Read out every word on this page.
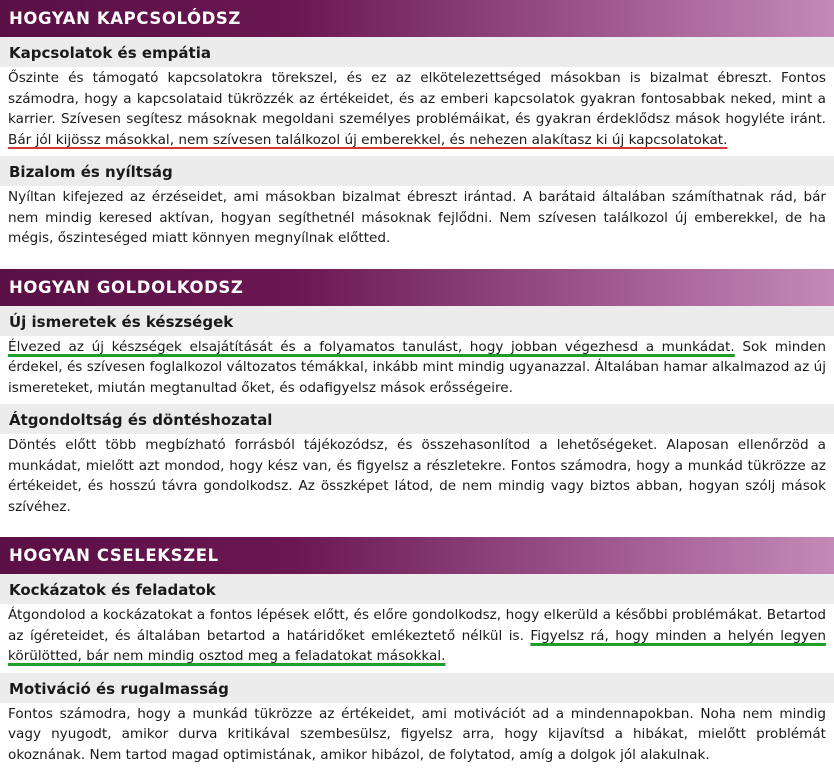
HOGYAN KAPCSOLÓDSZ
Kapcsolatok és empátia
Őszinte és támogató kapcsolatokra törekszel, és ez az elkötelezettséged másokban is bizalmat ébreszt. Fontos számodra, hogy a kapcsolataid tükrözzék az értékeidet, és az emberi kapcsolatok gyakran fontosabbak neked, mint a karrier. Szívesen segítesz másoknak megoldani személyes problémáikat, és gyakran érdeklődsz mások hogyléte iránt. Bár jól kijössz másokkal, nem szívesen találkozol új emberekkel, és nehezen alakítasz ki új kapcsolatokat.
Bizalom és nyíltság
Nyíltan kifejezed az érzéseidet, ami másokban bizalmat ébreszt irántad. A barátaid általában számíthatnak rád, bár nem mindig keresed aktívan, hogyan segíthetnél másoknak fejlődni. Nem szívesen találkozol új emberekkel, de ha mégis, őszinteséged miatt könnyen megnyílnak előtted.
HOGYAN GOLDOLKODSZ
Új ismeretek és készségek
Élvezed az új készségek elsajátítását és a folyamatos tanulást, hogy jobban végezhesd a munkádat. Sok minden érdekel, és szívesen foglalkozol változatos témákkal, inkább mint mindig ugyanazzal. Általában hamar alkalmazod az új ismereteket, miután megtanultad őket, és odafigyelsz mások erősségeire.
Átgondoltság és döntéshozatal
Döntés előtt több megbízható forrásból tájékozódsz, és összehasonlítod a lehetőségeket. Alaposan ellenőrzöd a munkádat, mielőtt azt mondod, hogy kész van, és figyelsz a részletekre. Fontos számodra, hogy a munkád tükrözze az értékeidet, és hosszú távra gondolkodsz. Az összképet látod, de nem mindig vagy biztos abban, hogyan szólj mások szívéhez.
HOGYAN CSELEKSZEL
Kockázatok és feladatok
Átgondolod a kockázatokat a fontos lépések előtt, és előre gondolkodsz, hogy elkerüld a későbbi problémákat. Betartod az ígéreteidet, és általában betartod a határidőket emlékeztető nélkül is. Figyelsz rá, hogy minden a helyén legyen körülötted, bár nem mindig osztod meg a feladatokat másokkal.
Motiváció és rugalmasság
Fontos számodra, hogy a munkád tükrözze az értékeidet, ami motivációt ad a mindennapokban. Noha nem mindig vagy nyugodt, amikor durva kritikával szembesülsz, figyelsz arra, hogy kijavítsd a hibákat, mielőtt problémát okoznának. Nem tartod magad optimistának, amikor hibázol, de folytatod, amíg a dolgok jól alakulnak.
